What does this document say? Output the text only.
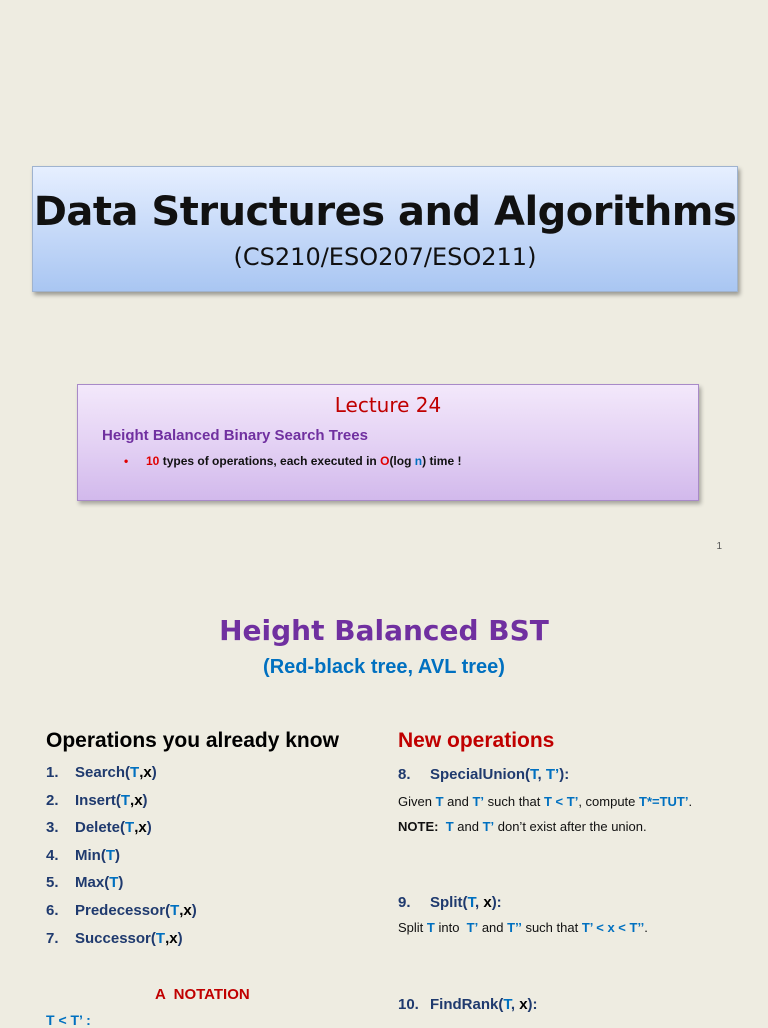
Data Structures and Algorithms
(CS210/ESO207/ESO211)
Lecture 24
Height Balanced Binary Search Trees
• 10 types of operations, each executed in O(log n) time !
1
Height Balanced BST
(Red-black tree, AVL tree)
Operations you already know	New operations
1.	Search ( T , x )
2.	Insert ( T , x )
3.	Delete ( T , x )
4.	Min ( T )
5.	Max ( T )
6.	Predecessor ( T , x )
7.	Successor ( T , x )
A  NOTATION
T < T’ :
8. SpecialUnion(T, T’):
Given T and T’ such that T < T’, compute T*=TUT’.
NOTE: T and T’ don’t exist after the union.
9. Split(T, x):
Split T into  T’ and T’’ such that T’ < x < T’’.
10. FindRank(T, x):
